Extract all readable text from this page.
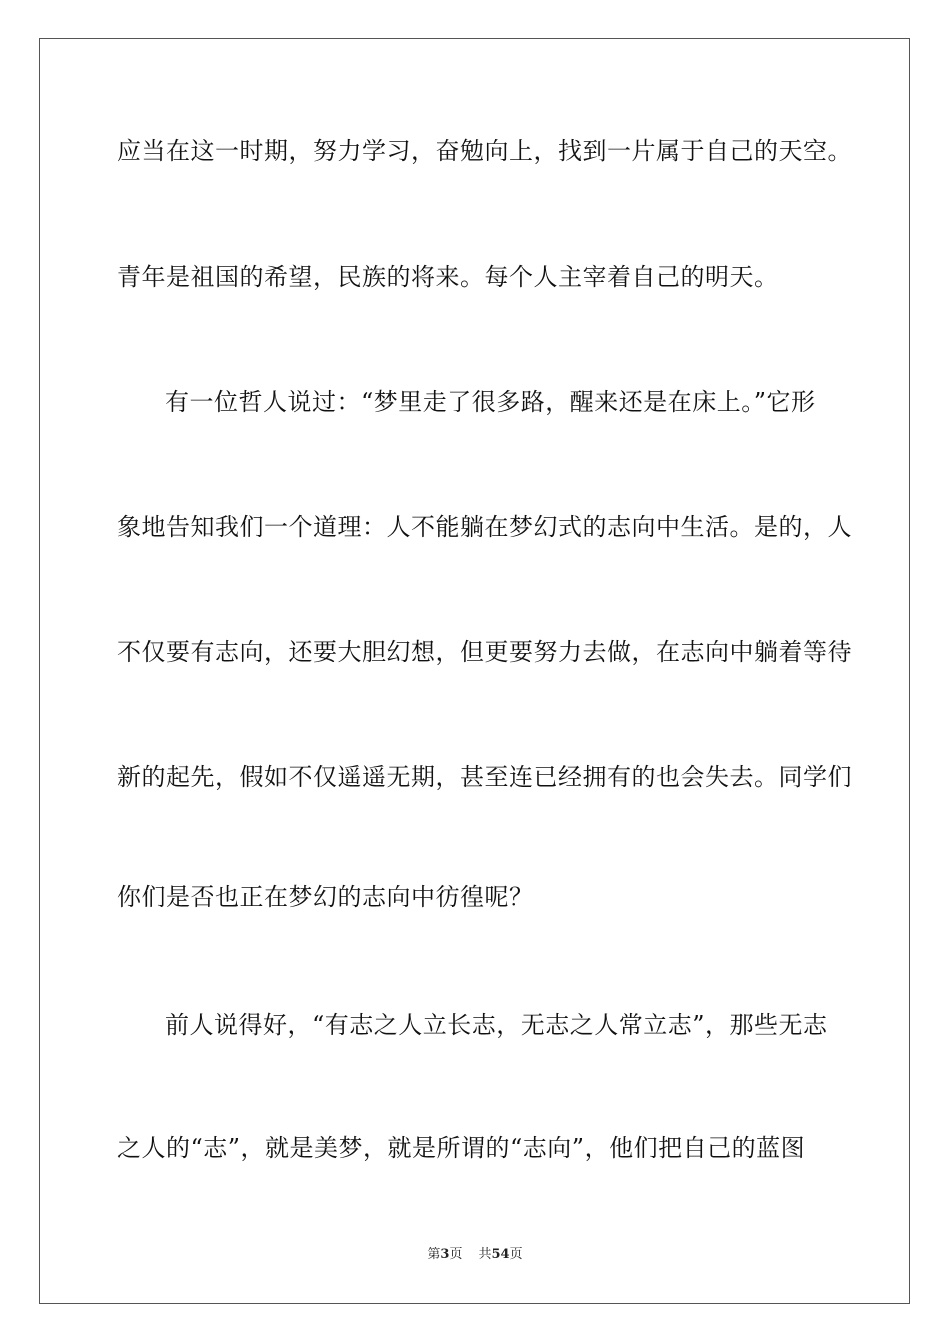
应当在这一时期，努力学习，奋勉向上，找到一片属于自己的天空。
青年是祖国的希望，民族的将来。每个人主宰着自己的明天。
有一位哲人说过：“梦里走了很多路，醒来还是在床上。”它形
象地告知我们一个道理：人不能躺在梦幻式的志向中生活。是的，人
不仅要有志向，还要大胆幻想，但更要努力去做，在志向中躺着等待
新的起先，假如不仅遥遥无期，甚至连已经拥有的也会失去。同学们
你们是否也正在梦幻的志向中彷徨呢？
前人说得好，“有志之人立长志，无志之人常立志”，那些无志
之人的“志”，就是美梦，就是所谓的“志向”，他们把自己的蓝图
第3页 共54页
